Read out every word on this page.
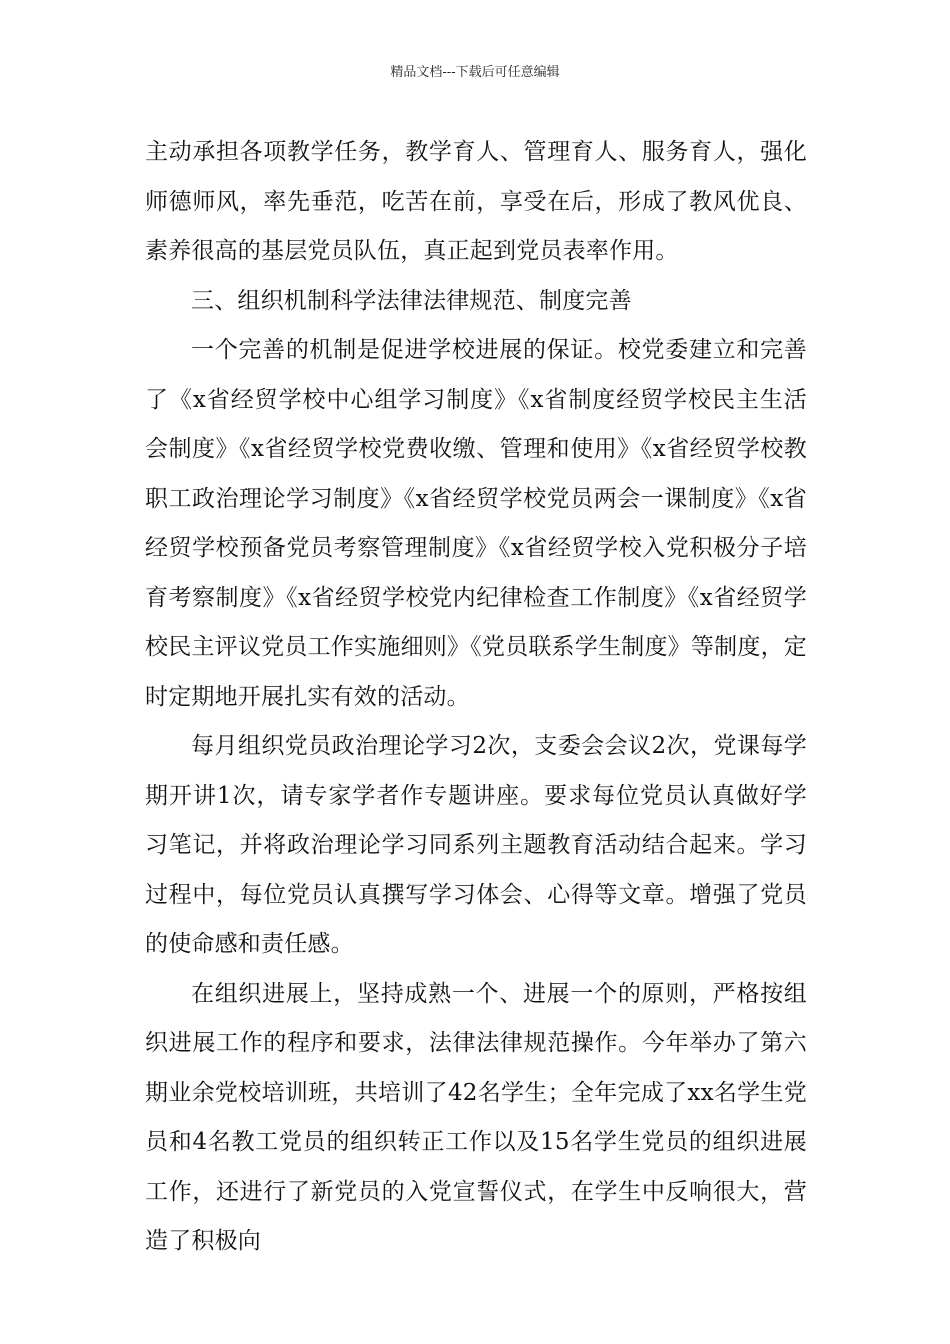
精品文档---下载后可任意编辑

主动承担各项教学任务，教学育人、管理育人、服务育人，强化师德师风，率先垂范，吃苦在前，享受在后，形成了教风优良、素养很高的基层党员队伍，真正起到党员表率作用。

三、组织机制科学法律法律规范、制度完善

一个完善的机制是促进学校进展的保证。校党委建立和完善了《x省经贸学校中心组学习制度》《x省制度经贸学校民主生活会制度》《x省经贸学校党费收缴、管理和使用》《x省经贸学校教职工政治理论学习制度》《x省经贸学校党员两会一课制度》《x省经贸学校预备党员考察管理制度》《x省经贸学校入党积极分子培育考察制度》《x省经贸学校党内纪律检查工作制度》《x省经贸学校民主评议党员工作实施细则》《党员联系学生制度》等制度，定时定期地开展扎实有效的活动。

每月组织党员政治理论学习2次，支委会会议2次，党课每学期开讲1次，请专家学者作专题讲座。要求每位党员认真做好学习笔记，并将政治理论学习同系列主题教育活动结合起来。学习过程中，每位党员认真撰写学习体会、心得等文章。增强了党员的使命感和责任感。

在组织进展上，坚持成熟一个、进展一个的原则，严格按组织进展工作的程序和要求，法律法律规范操作。今年举办了第六期业余党校培训班，共培训了42名学生；全年完成了xx名学生党员和4名教工党员的组织转正工作以及15名学生党员的组织进展工作，还进行了新党员的入党宣誓仪式，在学生中反响很大，营造了积极向
